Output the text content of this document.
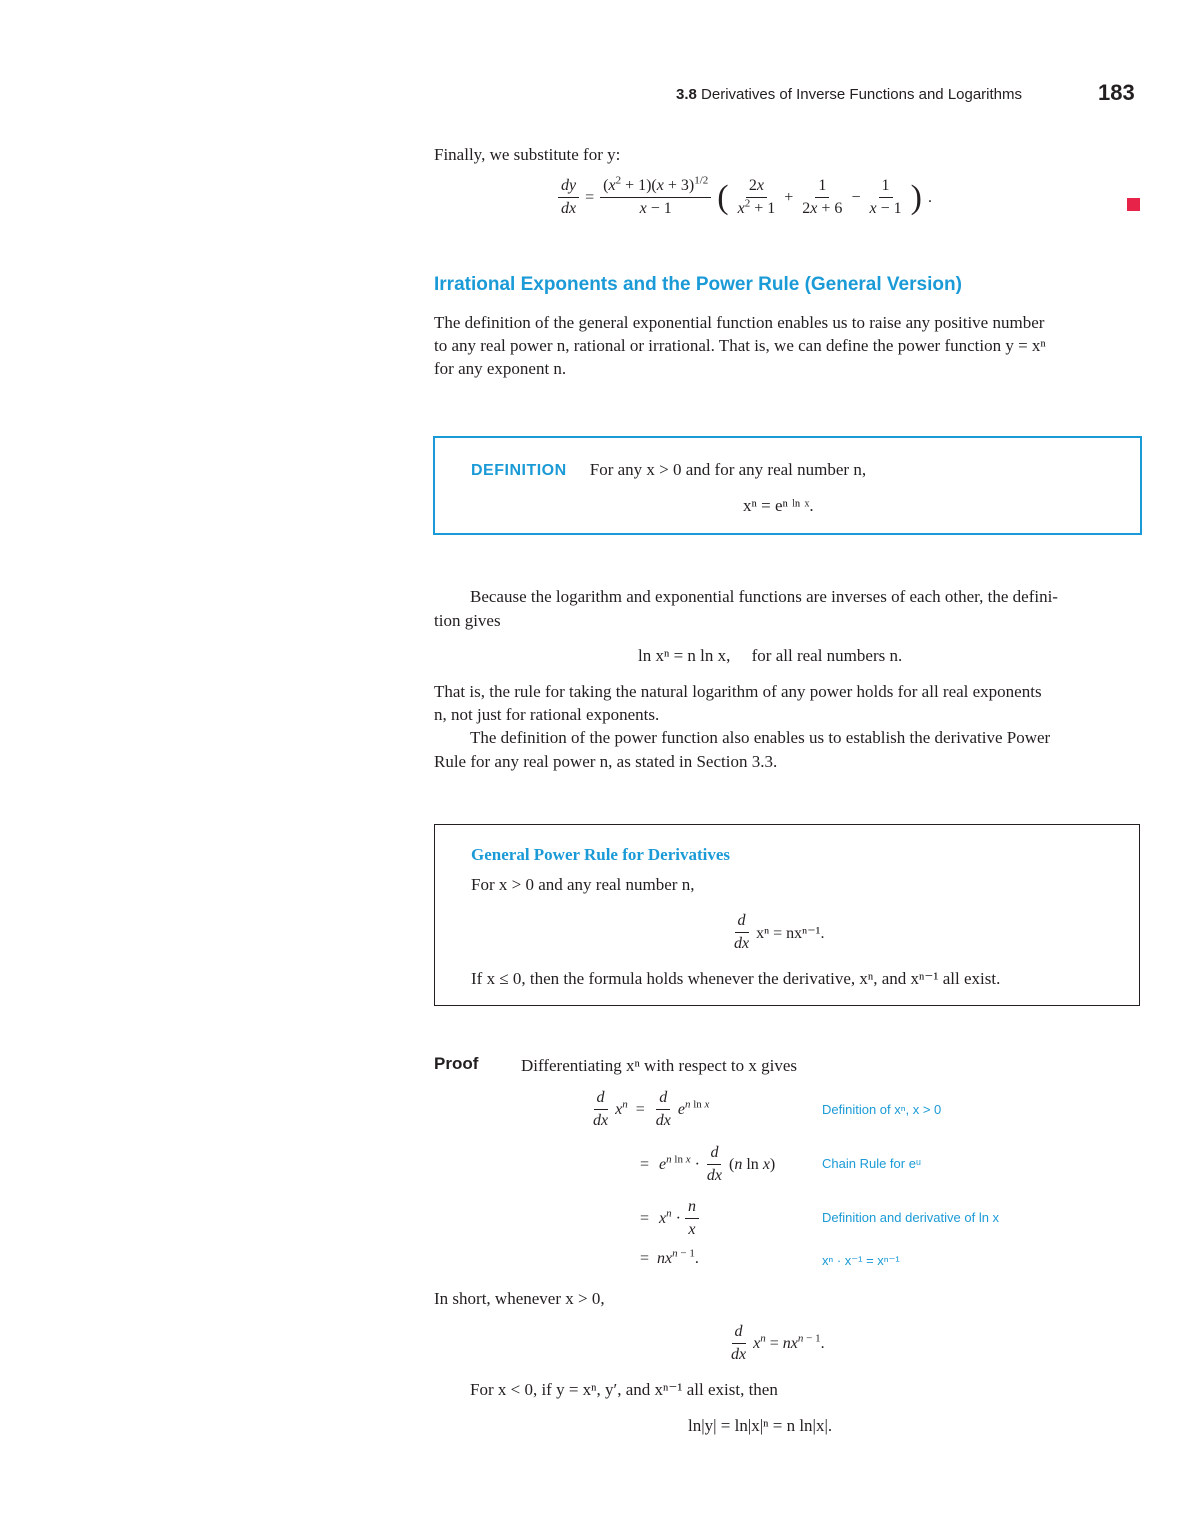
3.8 Derivatives of Inverse Functions and Logarithms	183
Finally, we substitute for y:
$\frac{dy}{dx} = \frac{(x^2 + 1)(x + 3)^{1/2}}{x - 1}$ ( $\frac{2x}{x^2 + 1} + \frac{1}{2x + 6} - \frac{1}{x - 1}$ ) .
Irrational Exponents and the Power Rule (General Version)
The definition of the general exponential function enables us to raise any positive number
to any real power n, rational or irrational. That is, we can define the power function y = xⁿ
for any exponent n.
DEFINITION For any x > 0 and for any real number n,
xⁿ = eⁿ ˡⁿ ˣ.
Because the logarithm and exponential functions are inverses of each other, the defini-
tion gives
ln xⁿ = n ln x,     for all real numbers n.
That is, the rule for taking the natural logarithm of any power holds for all real exponents
n, not just for rational exponents.
The definition of the power function also enables us to establish the derivative Power
Rule for any real power n, as stated in Section 3.3.
General Power Rule for Derivatives
For x > 0 and any real number n,
$\frac{d}{dx}$ xⁿ = nxⁿ⁻¹.
If x ≤ 0, then the formula holds whenever the derivative, xⁿ, and xⁿ⁻¹ all exist.
Proof	Differentiating xⁿ with respect to x gives
$\frac{d}{dx} x^n = \frac{d}{dx} e^{n ln x}$	Definition of xⁿ, x > 0
= $e^{n ln x} \cdot \frac{d}{dx} (n$ ln x)	Chain Rule for eᵘ
= $x^n \cdot \frac{n}{x}$	Definition and derivative of ln x
=  $nx^{n - 1}$.	xⁿ · x⁻¹ = xⁿ⁻¹
In short, whenever x > 0,
$\frac{d}{dx} x^n = nx^{n - 1}$.
For x < 0, if y = xⁿ, y′, and xⁿ⁻¹ all exist, then
ln|y| = ln|x|ⁿ = n ln|x|.
